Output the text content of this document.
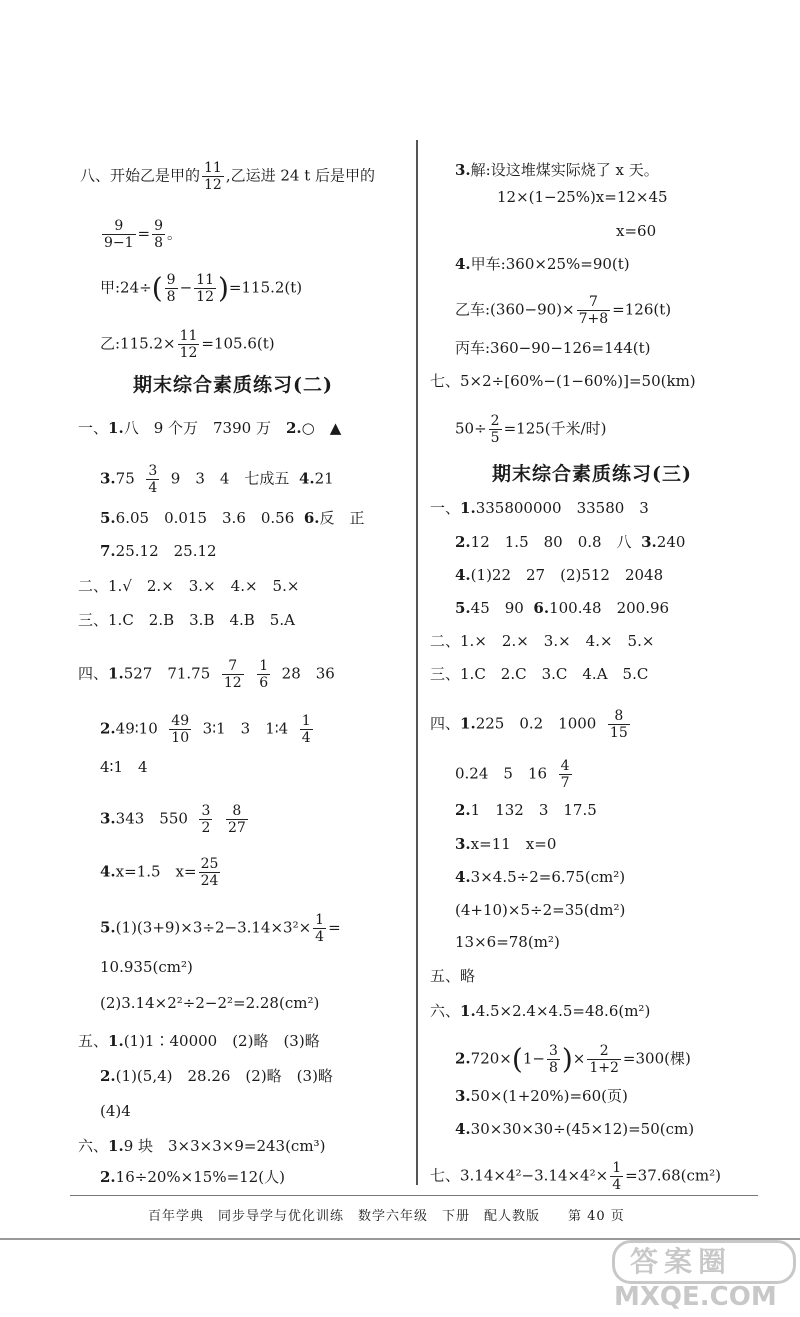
八、开始乙是甲的 $\frac{11}{12}$ ,乙运进 24 t 后是甲的
$\frac{9}{9-1} = \frac{9}{8}$ 。
甲:24÷( $\frac{9}{8} - \frac{11}{12} )=115.2(t)$
乙:115.2× $\frac{11}{12} =105.6(t)$
期末综合素质练习(二)
一、1.八　9 个万　7390 万　2.○　▲
$3.75 \frac{3}{4} 9$　3　4　七成五 4.21
5.6.05　0.015　3.6　0.56 6.反　正
7.25.12　25.12
二、1.√　2.×　3.×　4.×　5.×
三、1.C　2.B　3.B　4.B　5.A
四、1.527　$71.75 \frac{7}{12}$
$\frac{1}{6} 28$　36
2.49∶10 $\frac{49}{10}$ 3∶1　3　1∶4 $\frac{1}{4}$
4∶1　4
3.343　$550 \frac{3}{2}$
$\frac{8}{27}$
4.x=1.5　$x= \frac{25}{24}$
$5.(1)(3+9)\times 3\div 2-3.14\times 3^2\times \frac{1}{4}$ =
10.935(cm²)
(2)3.14×2²÷2−2²=2.28(cm²)
五、1.(1)1∶40000　(2)略　(3)略
2.(1)(5,4)　28.26　(2)略　(3)略
(4)4
六、1.9 块　3×3×3×9=243(cm³)
2.16÷20%×15%=12(人)
3.解:设这堆煤实际烧了 x 天。
12×(1−25%)x=12×45
x=60
4.甲车:360×25%=90(t)
乙车:(360−90)× $\frac{7}{7+8} =126(t)$
丙车:360−90−126=144(t)
七、5×2÷[60%−(1−60%)]=50(km)
$50\div \frac{2}{5} =125$(千米/时)
期末综合素质练习(三)
一、1.335800000　33580　3
2.12　1.5　80　0.8　八 3.240
4.(1)22　27　(2)512　2048
5.45　90 6.100.48　200.96
二、1.×　2.×　3.×　4.×　5.×
三、1.C　2.C　3.C　4.A　5.C
四、1.225　0.2　$1000 \frac{8}{15}$
0.24　5　$16 \frac{4}{7}$
2.1　132　3　17.5
3.x=11　x=0
4.3×4.5÷2=6.75(cm²)
(4+10)×5÷2=35(dm²)
13×6=78(m²)
五、略
六、1.4.5×2.4×4.5=48.6(m²)
$2.720\times(1- \frac{3}{8}$ )× $\frac{2}{1+2} =300$(棵)
3.50×(1+20%)=60(页)
4.30×30×30÷(45×12)=50(cm)
七、$3.14\times 4^2-3.14\times 4^2\times \frac{1}{4} =37.68(cm^2)$
百年学典　同步导学与优化训练　数学六年级　下册　配人教版　　第 40 页
答案圈
MXQE.COM
